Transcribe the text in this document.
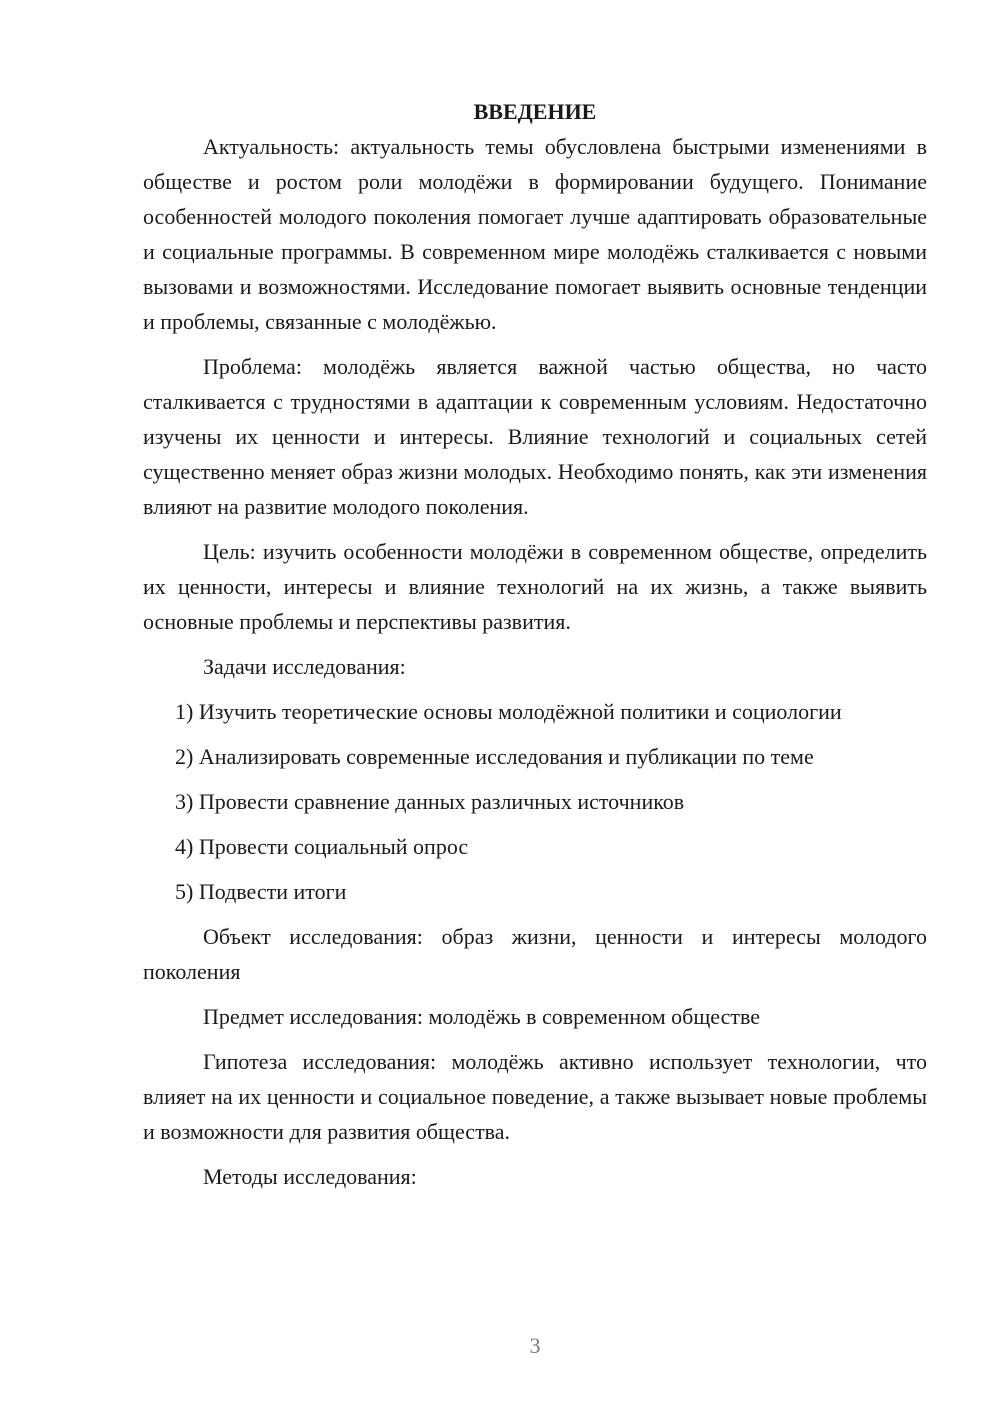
ВВЕДЕНИЕ

Актуальность: актуальность темы обусловлена быстрыми изменениями в обществе и ростом роли молодёжи в формировании будущего. Понимание особенностей молодого поколения помогает лучше адаптировать образовательные и социальные программы. В современном мире молодёжь сталкивается с новыми вызовами и возможностями. Исследование помогает выявить основные тенденции и проблемы, связанные с молодёжью.

Проблема: молодёжь является важной частью общества, но часто сталкивается с трудностями в адаптации к современным условиям. Недостаточно изучены их ценности и интересы. Влияние технологий и социальных сетей существенно меняет образ жизни молодых. Необходимо понять, как эти изменения влияют на развитие молодого поколения.

Цель: изучить особенности молодёжи в современном обществе, определить их ценности, интересы и влияние технологий на их жизнь, а также выявить основные проблемы и перспективы развития.

Задачи исследования:

1) Изучить теоретические основы молодёжной политики и социологии

2) Анализировать современные исследования и публикации по теме

3) Провести сравнение данных различных источников

4) Провести социальный опрос

5) Подвести итоги

Объект исследования: образ жизни, ценности и интересы молодого поколения

Предмет исследования: молодёжь в современном обществе

Гипотеза исследования: молодёжь активно использует технологии, что влияет на их ценности и социальное поведение, а также вызывает новые проблемы и возможности для развития общества.

Методы исследования:

3
